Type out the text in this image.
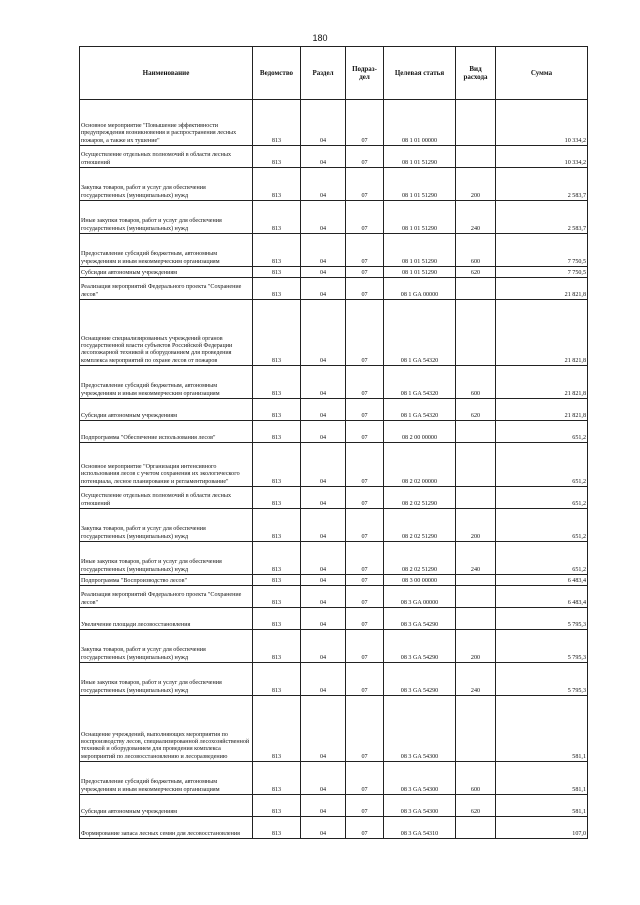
180
Наименование	Ведомство	Раздел	Подраз-дел	Целевая статья	Вид расхода	Сумма
Основное мероприятие "Повышение эффективности предупреждения возникновения и распространения лесных пожаров, а также их тушение"	813	04	07	08 1 01 00000		10 334,2
Осуществление отдельных полномочий в области лесных отношений	813	04	07	08 1 01 51290		10 334,2
Закупка товаров, работ и услуг для обеспечения государственных (муниципальных) нужд	813	04	07	08 1 01 51290	200	2 583,7
Иные закупки товаров, работ и услуг для обеспечения государственных (муниципальных) нужд	813	04	07	08 1 01 51290	240	2 583,7
Предоставление субсидий бюджетным, автономным учреждениям и иным некоммерческим организациям	813	04	07	08 1 01 51290	600	7 750,5
Субсидии автономным учреждениям	813	04	07	08 1 01 51290	620	7 750,5
Реализация мероприятий Федерального проекта "Сохранение лесов"	813	04	07	08 1 GA 00000		21 821,8
Оснащение специализированных учреждений органов государственной власти субъектов Российской Федерации лесопожарной техникой и оборудованием для проведения комплекса мероприятий по охране лесов от пожаров	813	04	07	08 1 GA 54320		21 821,8
Предоставление субсидий бюджетным, автономным учреждениям и иным некоммерческим организациям	813	04	07	08 1 GA 54320	600	21 821,8
Субсидии автономным учреждениям	813	04	07	08 1 GA 54320	620	21 821,8
Подпрограмма "Обеспечение использования лесов"	813	04	07	08 2 00 00000		651,2
Основное мероприятие "Организация интенсивного использования лесов с учетом сохранения их экологического потенциала, лесное планирование и регламентирование"	813	04	07	08 2 02 00000		651,2
Осуществление отдельных полномочий в области лесных отношений	813	04	07	08 2 02 51290		651,2
Закупка товаров, работ и услуг для обеспечения государственных (муниципальных) нужд	813	04	07	08 2 02 51290	200	651,2
Иные закупки товаров, работ и услуг для обеспечения государственных (муниципальных) нужд	813	04	07	08 2 02 51290	240	651,2
Подпрограмма "Воспроизводство лесов"	813	04	07	08 3 00 00000		6 483,4
Реализация мероприятий Федерального проекта "Сохранение лесов"	813	04	07	08 3 GA 00000		6 483,4
Увеличение площади лесовосстановления	813	04	07	08 3 GA 54290		5 795,3
Закупка товаров, работ и услуг для обеспечения государственных (муниципальных) нужд	813	04	07	08 3 GA 54290	200	5 795,3
Иные закупки товаров, работ и услуг для обеспечения государственных (муниципальных) нужд	813	04	07	08 3 GA 54290	240	5 795,3
Оснащение учреждений, выполняющих мероприятия по воспроизводству лесов, специализированной лесохозяйственной техникой и оборудованием для проведения комплекса мероприятий по лесовосстановлению и лесоразведению	813	04	07	08 3 GA 54300		581,1
Предоставление субсидий бюджетным, автономным учреждениям и иным некоммерческим организациям	813	04	07	08 3 GA 54300	600	581,1
Субсидии автономным учреждениям	813	04	07	08 3 GA 54300	620	581,1
Формирование запаса лесных семян для лесовосстановления	813	04	07	08 3 GA 54310		107,0
